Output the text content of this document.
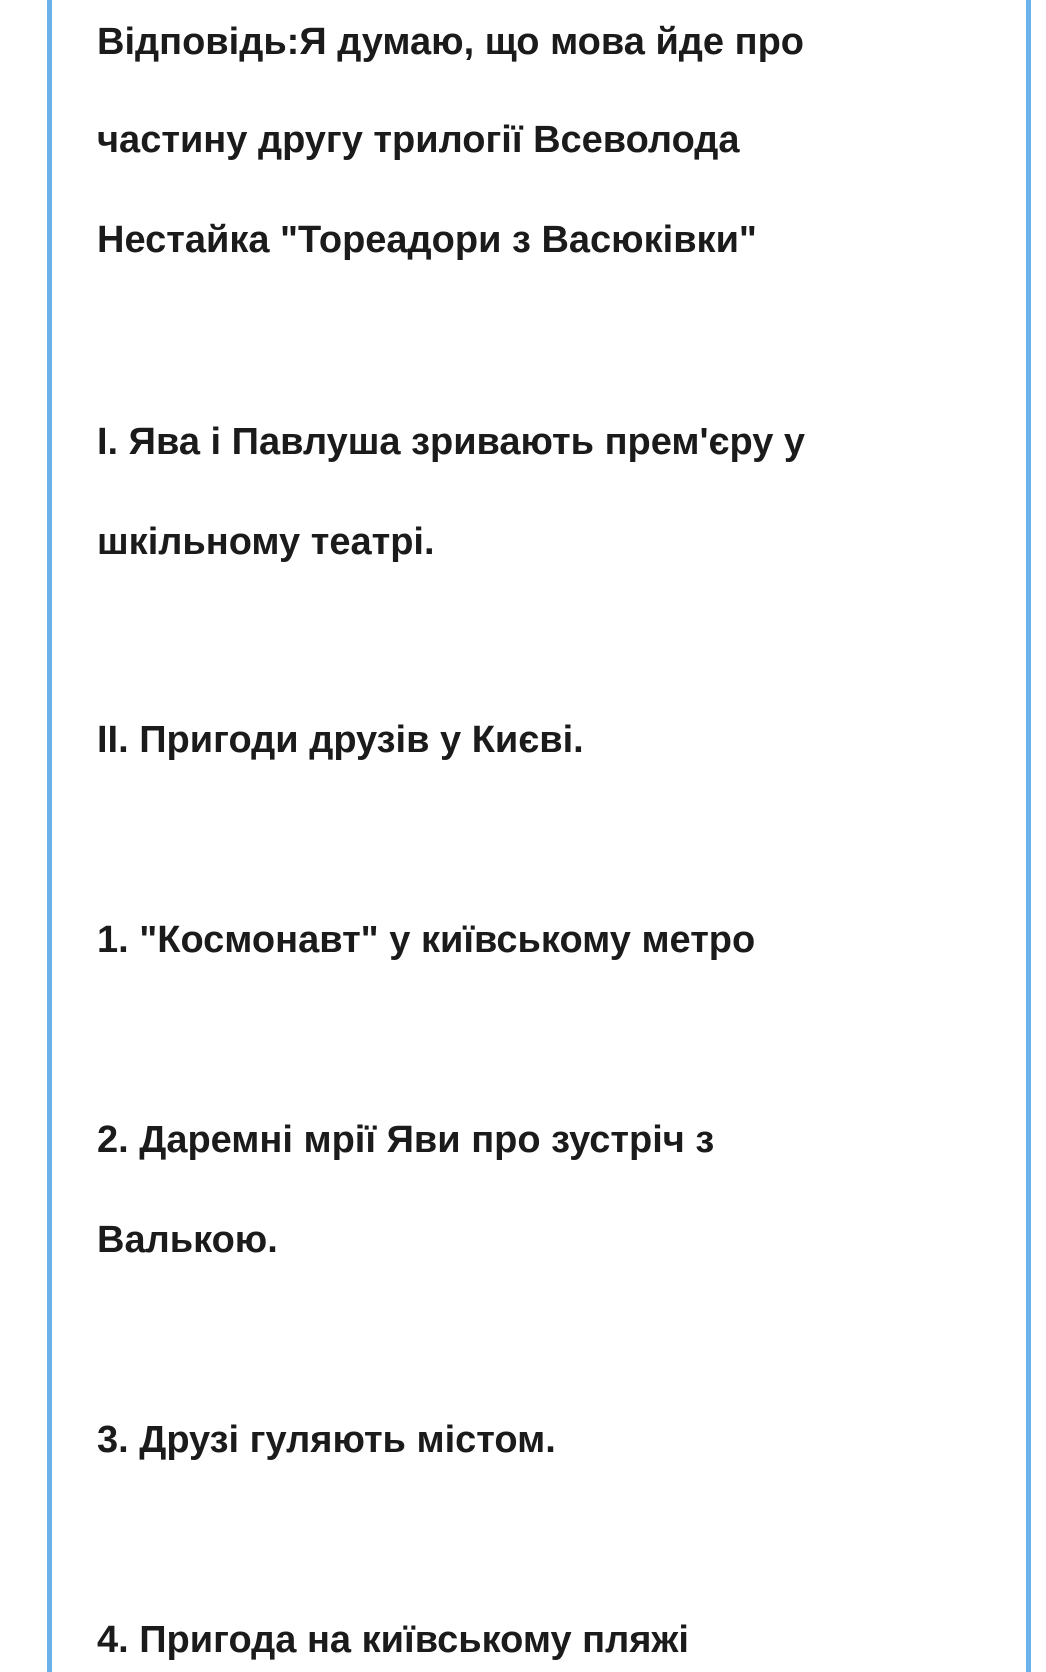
Відповідь:Я думаю, що мова йде про
частину другу трилогії Всеволода
Нестайка "Тореадори з Васюківки"
І. Ява і Павлуша зривають прем'єру у
шкільному театрі.
ІІ. Пригоди друзів у Києві.
1. "Космонавт" у київському метро
2. Даремні мрії Яви про зустріч з
Валькою.
3. Друзі гуляють містом.
4. Пригода на київському пляжі
